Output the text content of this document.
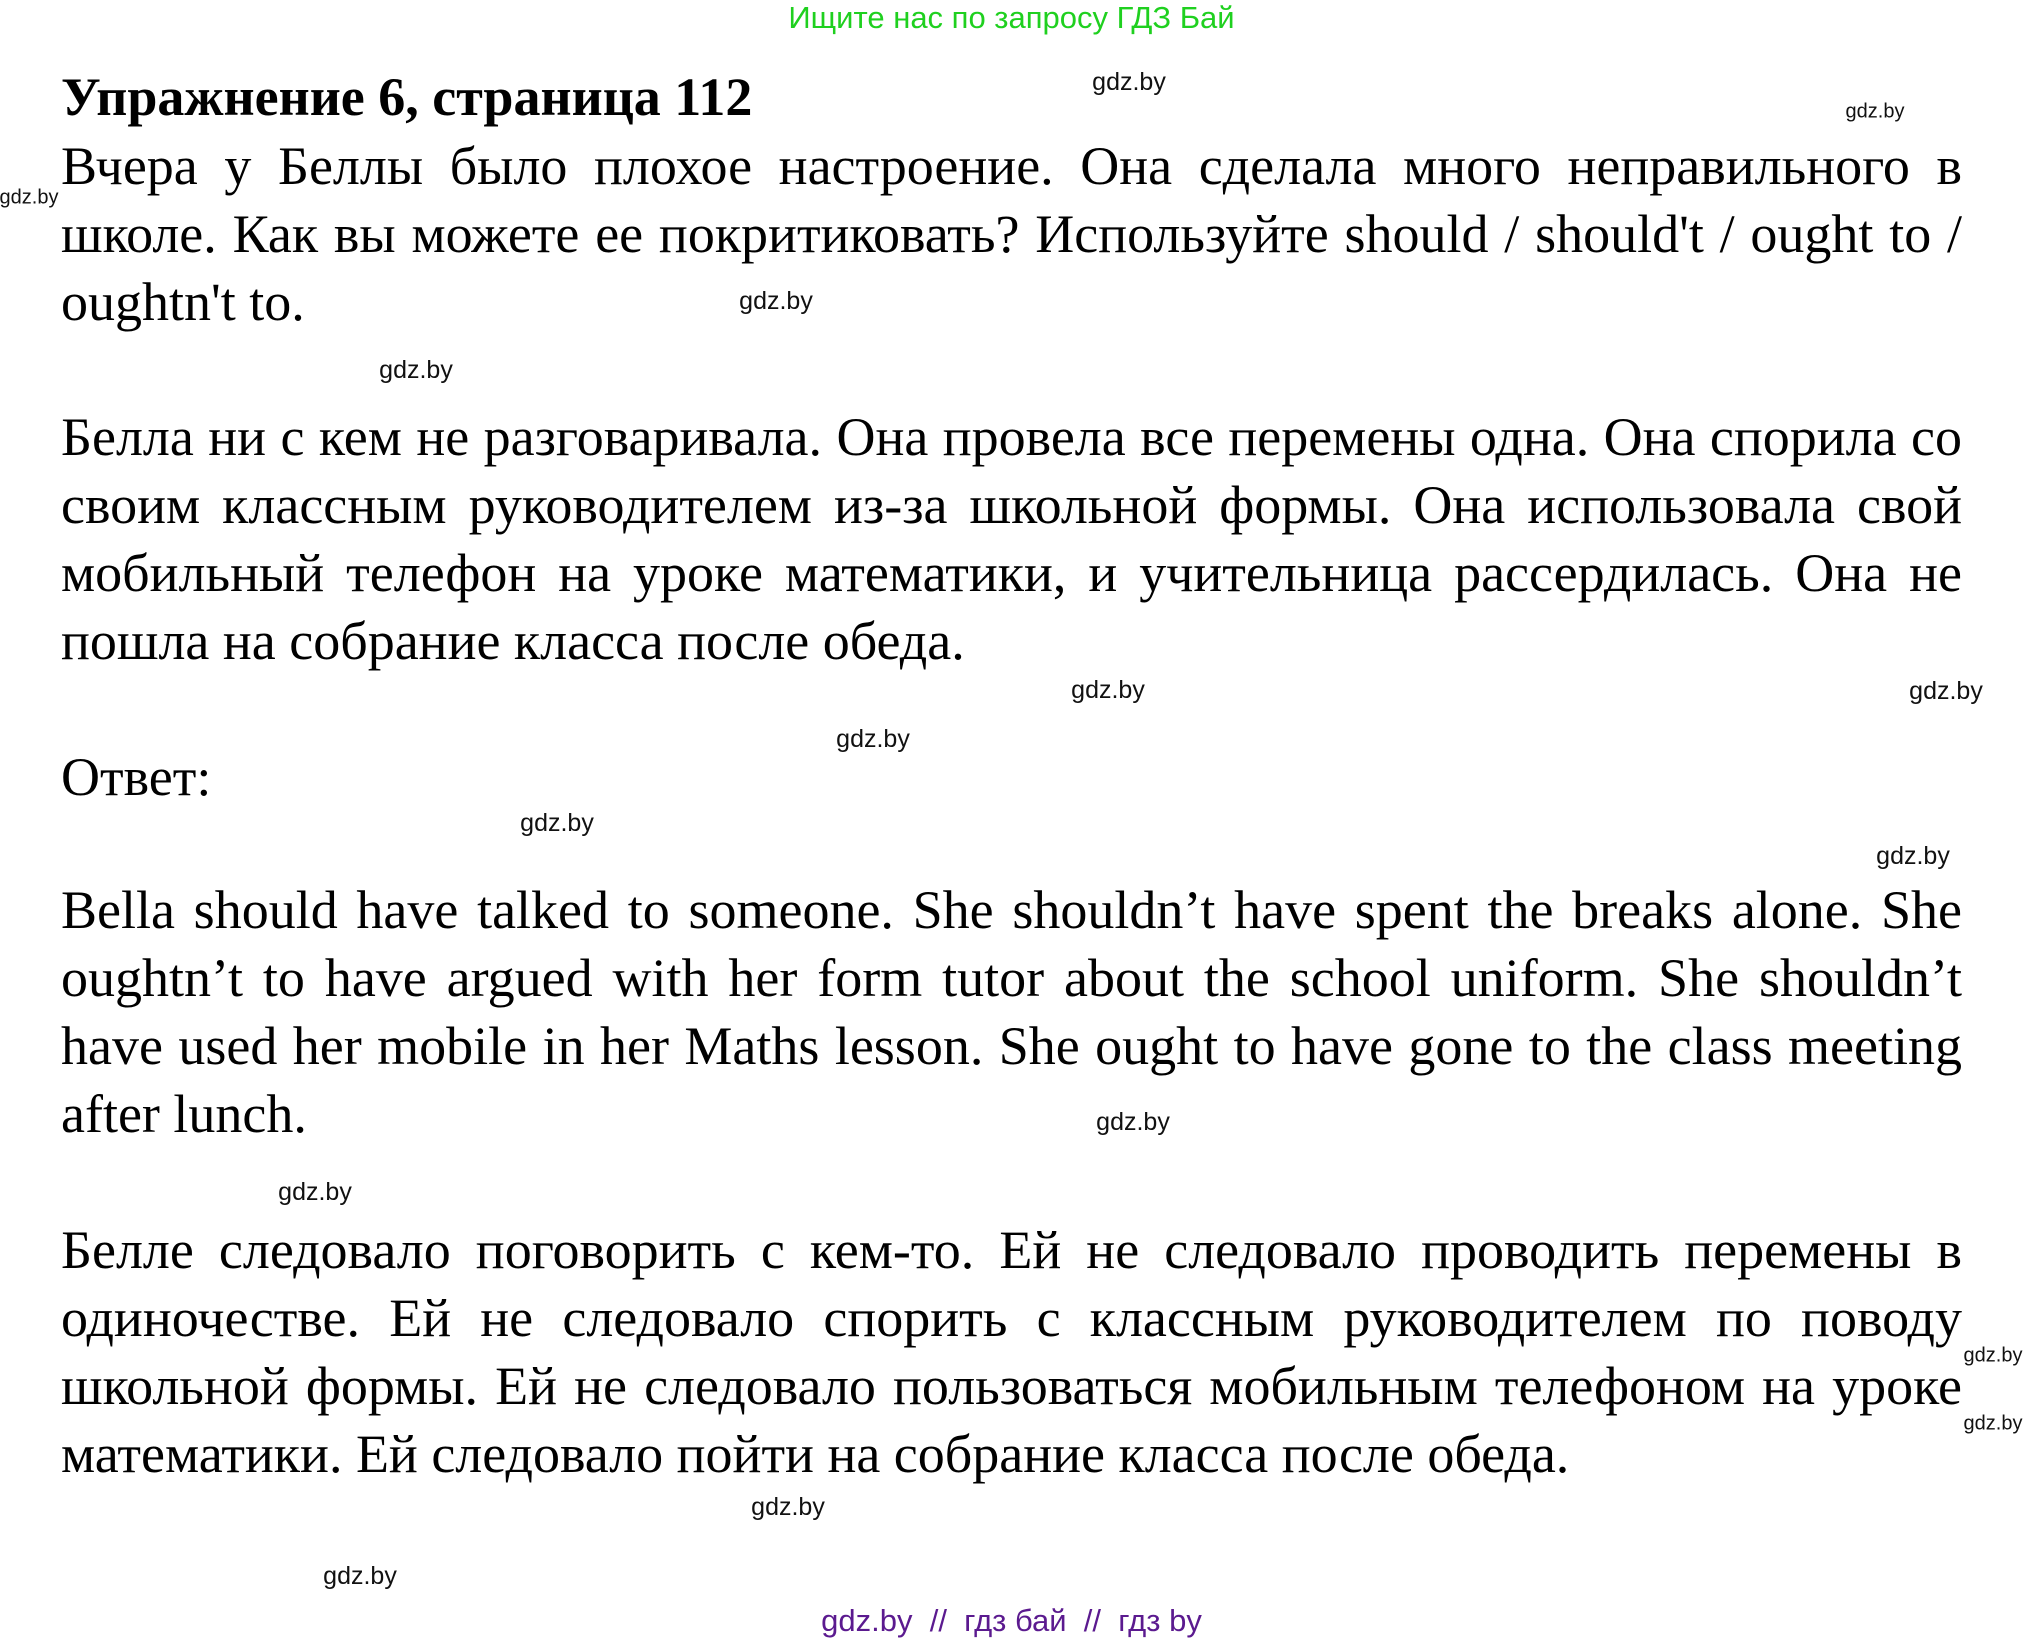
Ищите нас по запросу ГДЗ Бай
Упражнение 6, страница 112

Вчера у Беллы было плохое настроение. Она сделала много неправильного в школе. Как вы можете ее покритиковать? Используйте should / should't / ought to / oughtn't to.

Белла ни с кем не разговаривала. Она провела все перемены одна. Она спорила со своим классным руководителем из-за школьной формы. Она использовала свой мобильный телефон на уроке математики, и учительница рассердилась. Она не пошла на собрание класса после обеда.

Ответ:

Bella should have talked to someone. She shouldn’t have spent the breaks alone. She oughtn’t to have argued with her form tutor about the school uniform. She shouldn’t have used her mobile in her Maths lesson. She ought to have gone to the class meeting after lunch.

Белле следовало поговорить с кем-то. Ей не следовало проводить перемены в одиночестве. Ей не следовало спорить с классным руководителем по поводу школьной формы. Ей не следовало пользоваться мобильным телефоном на уроке математики. Ей следовало пойти на собрание класса после обеда.

gdz.by
gdz.by
gdz.by
gdz.by
gdz.by
gdz.by
gdz.by
gdz.by
gdz.by
gdz.by
gdz.by
gdz.by
gdz.by
gdz.by
gdz.by
gdz.by
gdz.by  //  гдз бай  //  гдз by
